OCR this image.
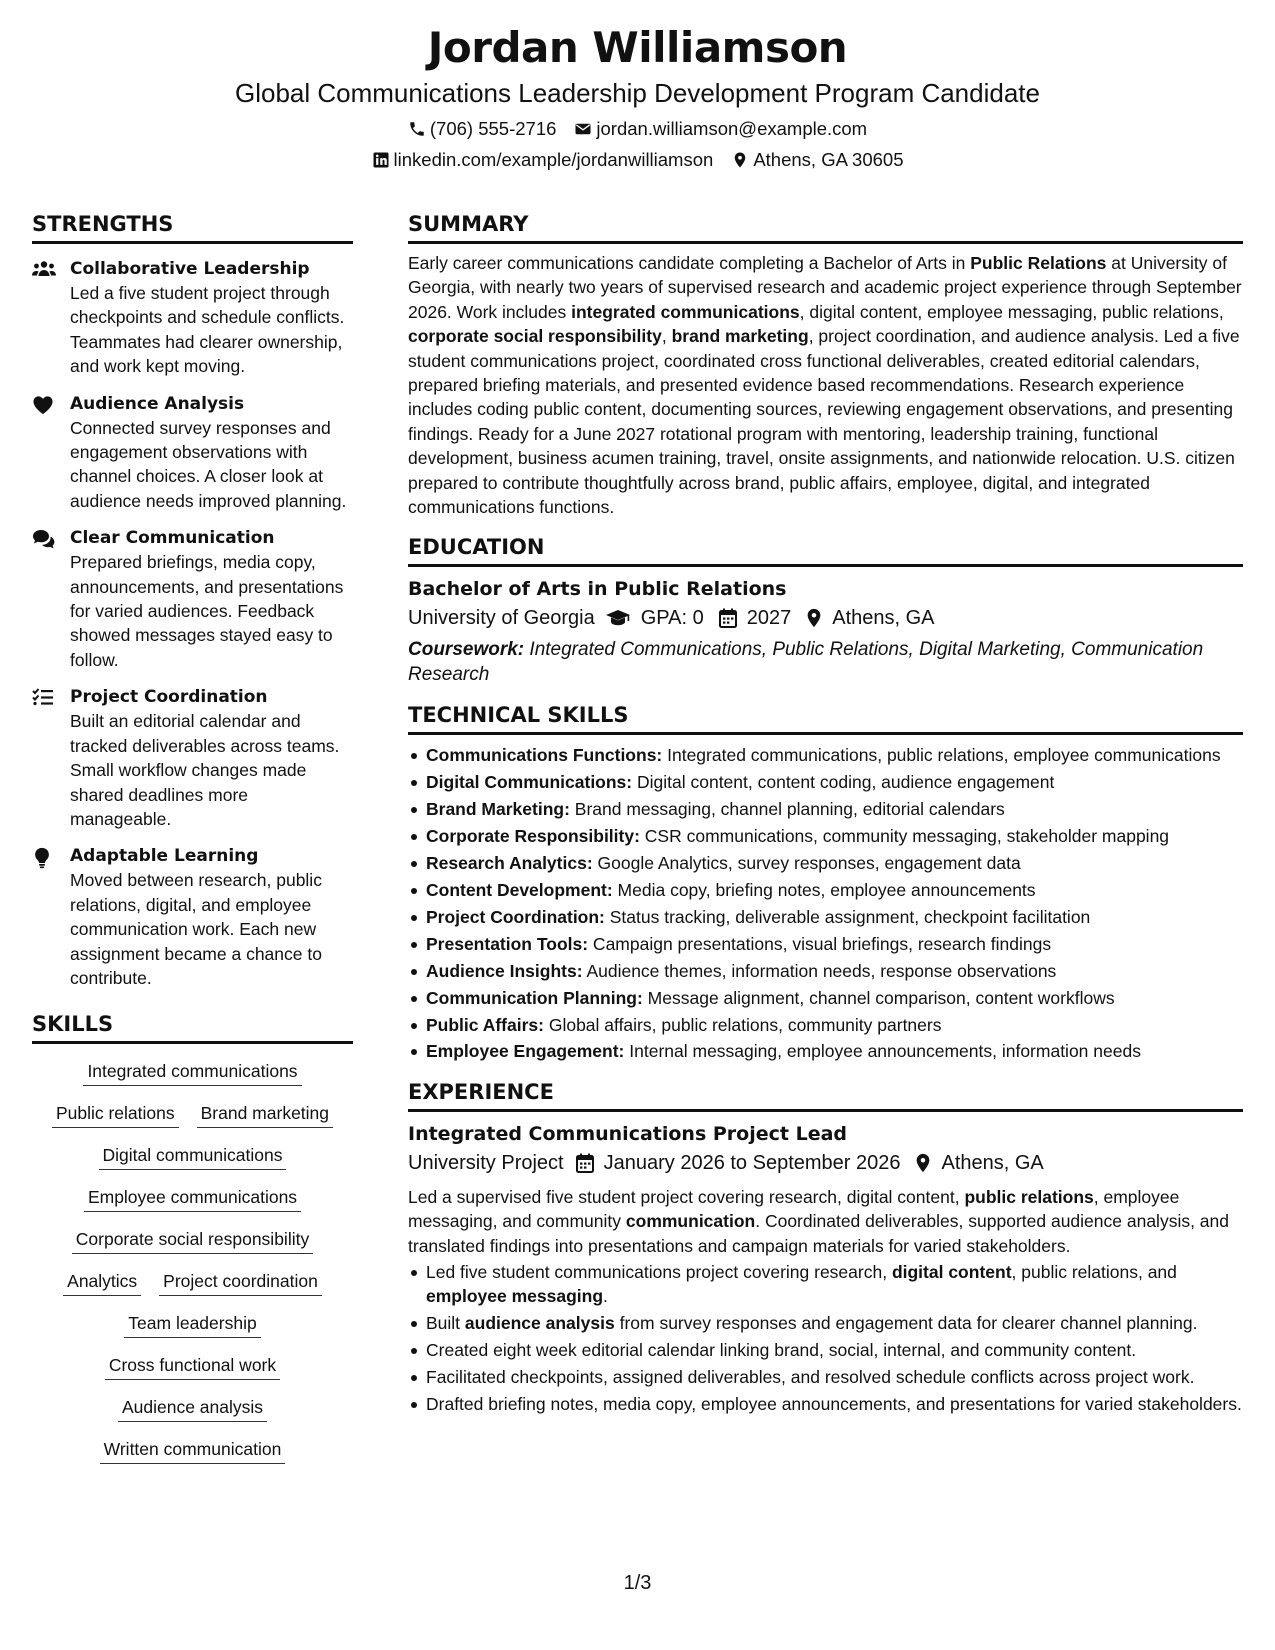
Jordan Williamson
Global Communications Leadership Development Program Candidate
(706) 555-2716 jordan.williamson@example.com
linkedin.com/example/jordanwilliamson Athens, GA 30605
STRENGTHS
Collaborative Leadership
Led a five student project through checkpoints and schedule conflicts. Teammates had clearer ownership, and work kept moving.
Audience Analysis
Connected survey responses and engagement observations with channel choices. A closer look at audience needs improved planning.
Clear Communication
Prepared briefings, media copy, announcements, and presentations for varied audiences. Feedback showed messages stayed easy to follow.
Project Coordination
Built an editorial calendar and tracked deliverables across teams. Small workflow changes made shared deadlines more manageable.
Adaptable Learning
Moved between research, public relations, digital, and employee communication work. Each new assignment became a chance to contribute.
SKILLS
Integrated communications
Public relations Brand marketing
Digital communications
Employee communications
Corporate social responsibility
Analytics Project coordination
Team leadership
Cross functional work
Audience analysis
Written communication
SUMMARY
Early career communications candidate completing a Bachelor of Arts in Public Relations at University of Georgia, with nearly two years of supervised research and academic project experience through September 2026. Work includes integrated communications, digital content, employee messaging, public relations, corporate social responsibility, brand marketing, project coordination, and audience analysis. Led a five student communications project, coordinated cross functional deliverables, created editorial calendars, prepared briefing materials, and presented evidence based recommendations. Research experience includes coding public content, documenting sources, reviewing engagement observations, and presenting findings. Ready for a June 2027 rotational program with mentoring, leadership training, functional development, business acumen training, travel, onsite assignments, and nationwide relocation. U.S. citizen prepared to contribute thoughtfully across brand, public affairs, employee, digital, and integrated communications functions.
EDUCATION
Bachelor of Arts in Public Relations
University of Georgia GPA: 0 2027 Athens, GA
Coursework: Integrated Communications, Public Relations, Digital Marketing, Communication Research
TECHNICAL SKILLS
Communications Functions: Integrated communications, public relations, employee communications
Digital Communications: Digital content, content coding, audience engagement
Brand Marketing: Brand messaging, channel planning, editorial calendars
Corporate Responsibility: CSR communications, community messaging, stakeholder mapping
Research Analytics: Google Analytics, survey responses, engagement data
Content Development: Media copy, briefing notes, employee announcements
Project Coordination: Status tracking, deliverable assignment, checkpoint facilitation
Presentation Tools: Campaign presentations, visual briefings, research findings
Audience Insights: Audience themes, information needs, response observations
Communication Planning: Message alignment, channel comparison, content workflows
Public Affairs: Global affairs, public relations, community partners
Employee Engagement: Internal messaging, employee announcements, information needs
EXPERIENCE
Integrated Communications Project Lead
University Project January 2026 to September 2026 Athens, GA
Led a supervised five student project covering research, digital content, public relations, employee messaging, and community communication. Coordinated deliverables, supported audience analysis, and translated findings into presentations and campaign materials for varied stakeholders.
Led five student communications project covering research, digital content, public relations, and employee messaging.
Built audience analysis from survey responses and engagement data for clearer channel planning.
Created eight week editorial calendar linking brand, social, internal, and community content.
Facilitated checkpoints, assigned deliverables, and resolved schedule conflicts across project work.
Drafted briefing notes, media copy, employee announcements, and presentations for varied stakeholders.
1/3
